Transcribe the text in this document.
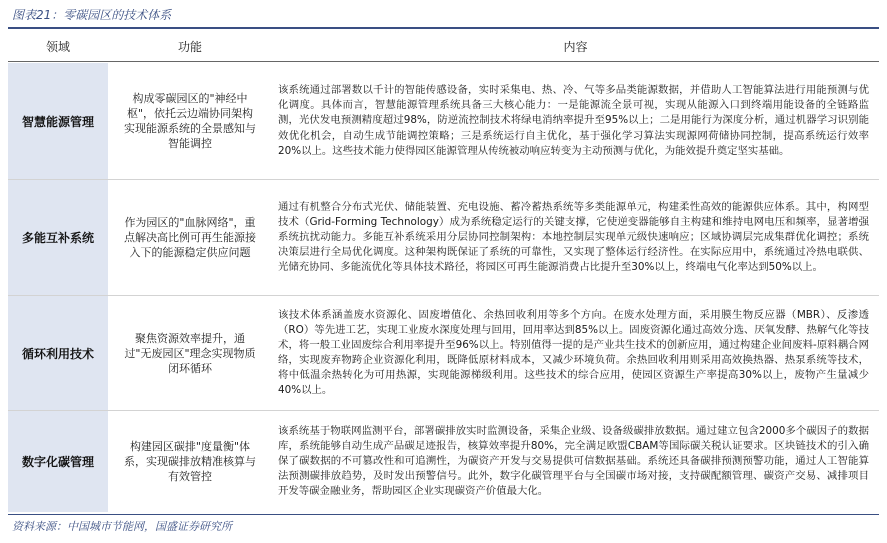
图表21：零碳园区的技术体系
领域	功能	内容
智慧能源管理
构成零碳园区的"神经中枢"，依托云边端协同架构实现能源系统的全景感知与智能调控
该系统通过部署数以千计的智能传感设备，实时采集电、热、冷、气等多品类能源数据，并借助人工智能算法进行用能预测与优化调度。具体而言，智慧能源管理系统具备三大核心能力：一是能源流全景可视，实现从能源入口到终端用能设备的全链路监测，光伏发电预测精度超过98%，防逆流控制技术将绿电消纳率提升至95%以上；二是用能行为深度分析，通过机器学习识别能效优化机会，自动生成节能调控策略；三是系统运行自主优化，基于强化学习算法实现源网荷储协同控制，提高系统运行效率20%以上。这些技术能力使得园区能源管理从传统被动响应转变为主动预测与优化，为能效提升奠定坚实基础。
多能互补系统
作为园区的"血脉网络"，重点解决高比例可再生能源接入下的能源稳定供应问题
通过有机整合分布式光伏、储能装置、充电设施、蓄冷蓄热系统等多类能源单元，构建柔性高效的能源供应体系。其中，构网型技术（Grid-Forming Technology）成为系统稳定运行的关键支撑，它使逆变器能够自主构建和维持电网电压和频率，显著增强系统抗扰动能力。多能互补系统采用分层协同控制架构：本地控制层实现单元级快速响应；区域协调层完成集群优化调控；系统决策层进行全局优化调度。这种架构既保证了系统的可靠性，又实现了整体运行经济性。在实际应用中，系统通过冷热电联供、光储充协同、多能流优化等具体技术路径，将园区可再生能源消费占比提升至30%以上，终端电气化率达到50%以上。
循环利用技术
聚焦资源效率提升，通过"无废园区"理念实现物质闭环循环
该技术体系涵盖废水资源化、固废增值化、余热回收利用等多个方向。在废水处理方面，采用膜生物反应器（MBR）、反渗透（RO）等先进工艺，实现工业废水深度处理与回用，回用率达到85%以上。固废资源化通过高效分选、厌氧发酵、热解气化等技术，将一般工业固废综合利用率提升至96%以上。特别值得一提的是产业共生技术的创新应用，通过构建企业间废料-原料耦合网络，实现废弃物跨企业资源化利用，既降低原材料成本，又减少环境负荷。余热回收利用则采用高效换热器、热泵系统等技术，将中低温余热转化为可用热源，实现能源梯级利用。这些技术的综合应用，使园区资源生产率提高30%以上，废物产生量减少40%以上。
数字化碳管理
构建园区碳排"度量衡"体系，实现碳排放精准核算与有效管控
该系统基于物联网监测平台，部署碳排放实时监测设备，采集企业级、设备级碳排放数据。通过建立包含2000多个碳因子的数据库，系统能够自动生成产品碳足迹报告，核算效率提升80%，完全满足欧盟CBAM等国际碳关税认证要求。区块链技术的引入确保了碳数据的不可篡改性和可追溯性，为碳资产开发与交易提供可信数据基础。系统还具备碳排预测预警功能，通过人工智能算法预测碳排放趋势，及时发出预警信号。此外，数字化碳管理平台与全国碳市场对接，支持碳配额管理、碳资产交易、减排项目开发等碳金融业务，帮助园区企业实现碳资产价值最大化。
资料来源：中国城市节能网，国盛证券研究所
